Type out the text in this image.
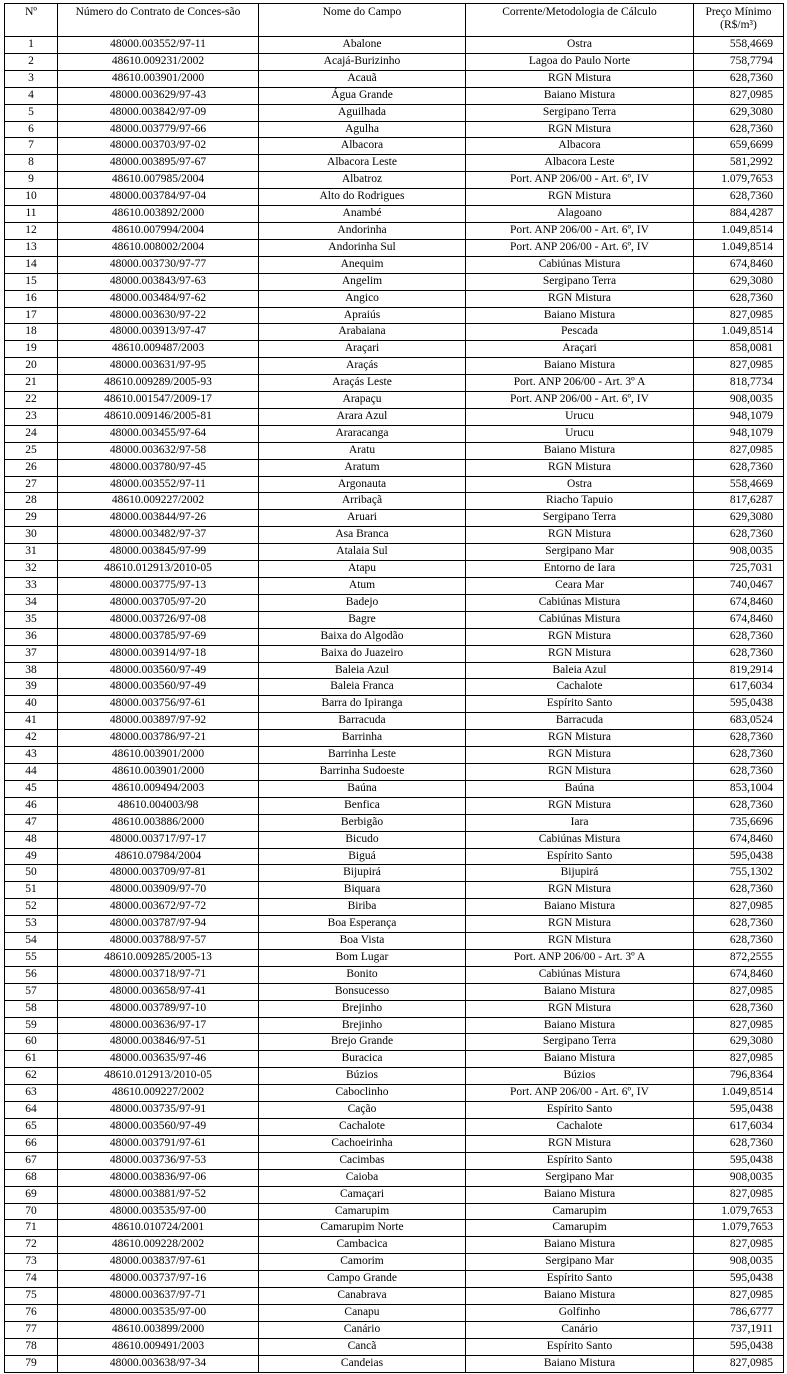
Nº	Número do Contrato de Conces-são	Nome do Campo	Corrente/Metodologia de Cálculo	Preço Mínimo (R$/m³)
1	48000.003552/97-11	Abalone	Ostra	558,4669
2	48610.009231/2002	Acajá-Burizinho	Lagoa do Paulo Norte	758,7794
3	48610.003901/2000	Acauã	RGN Mistura	628,7360
4	48000.003629/97-43	Água Grande	Baiano Mistura	827,0985
5	48000.003842/97-09	Aguilhada	Sergipano Terra	629,3080
6	48000.003779/97-66	Agulha	RGN Mistura	628,7360
7	48000.003703/97-02	Albacora	Albacora	659,6699
8	48000.003895/97-67	Albacora Leste	Albacora Leste	581,2992
9	48610.007985/2004	Albatroz	Port. ANP 206/00 - Art. 6º, IV	1.079,7653
10	48000.003784/97-04	Alto do Rodrigues	RGN Mistura	628,7360
11	48610.003892/2000	Anambé	Alagoano	884,4287
12	48610.007994/2004	Andorinha	Port. ANP 206/00 - Art. 6º, IV	1.049,8514
13	48610.008002/2004	Andorinha Sul	Port. ANP 206/00 - Art. 6º, IV	1.049,8514
14	48000.003730/97-77	Anequim	Cabiúnas Mistura	674,8460
15	48000.003843/97-63	Angelim	Sergipano Terra	629,3080
16	48000.003484/97-62	Angico	RGN Mistura	628,7360
17	48000.003630/97-22	Apraiús	Baiano Mistura	827,0985
18	48000.003913/97-47	Arabaiana	Pescada	1.049,8514
19	48610.009487/2003	Araçari	Araçari	858,0081
20	48000.003631/97-95	Araçás	Baiano Mistura	827,0985
21	48610.009289/2005-93	Araçás Leste	Port. ANP 206/00 - Art. 3º A	818,7734
22	48610.001547/2009-17	Arapaçu	Port. ANP 206/00 - Art. 6º, IV	908,0035
23	48610.009146/2005-81	Arara Azul	Urucu	948,1079
24	48000.003455/97-64	Araracanga	Urucu	948,1079
25	48000.003632/97-58	Aratu	Baiano Mistura	827,0985
26	48000.003780/97-45	Aratum	RGN Mistura	628,7360
27	48000.003552/97-11	Argonauta	Ostra	558,4669
28	48610.009227/2002	Arribaçã	Riacho Tapuio	817,6287
29	48000.003844/97-26	Aruari	Sergipano Terra	629,3080
30	48000.003482/97-37	Asa Branca	RGN Mistura	628,7360
31	48000.003845/97-99	Atalaia Sul	Sergipano Mar	908,0035
32	48610.012913/2010-05	Atapu	Entorno de Iara	725,7031
33	48000.003775/97-13	Atum	Ceara Mar	740,0467
34	48000.003705/97-20	Badejo	Cabiúnas Mistura	674,8460
35	48000.003726/97-08	Bagre	Cabiúnas Mistura	674,8460
36	48000.003785/97-69	Baixa do Algodão	RGN Mistura	628,7360
37	48000.003914/97-18	Baixa do Juazeiro	RGN Mistura	628,7360
38	48000.003560/97-49	Baleia Azul	Baleia Azul	819,2914
39	48000.003560/97-49	Baleia Franca	Cachalote	617,6034
40	48000.003756/97-61	Barra do Ipiranga	Espírito Santo	595,0438
41	48000.003897/97-92	Barracuda	Barracuda	683,0524
42	48000.003786/97-21	Barrinha	RGN Mistura	628,7360
43	48610.003901/2000	Barrinha Leste	RGN Mistura	628,7360
44	48610.003901/2000	Barrinha Sudoeste	RGN Mistura	628,7360
45	48610.009494/2003	Baúna	Baúna	853,1004
46	48610.004003/98	Benfica	RGN Mistura	628,7360
47	48610.003886/2000	Berbigão	Iara	735,6696
48	48000.003717/97-17	Bicudo	Cabiúnas Mistura	674,8460
49	48610.07984/2004	Biguá	Espírito Santo	595,0438
50	48000.003709/97-81	Bijupirá	Bijupirá	755,1302
51	48000.003909/97-70	Biquara	RGN Mistura	628,7360
52	48000.003672/97-72	Biriba	Baiano Mistura	827,0985
53	48000.003787/97-94	Boa Esperança	RGN Mistura	628,7360
54	48000.003788/97-57	Boa Vista	RGN Mistura	628,7360
55	48610.009285/2005-13	Bom Lugar	Port. ANP 206/00 - Art. 3º A	872,2555
56	48000.003718/97-71	Bonito	Cabiúnas Mistura	674,8460
57	48000.003658/97-41	Bonsucesso	Baiano Mistura	827,0985
58	48000.003789/97-10	Brejinho	RGN Mistura	628,7360
59	48000.003636/97-17	Brejinho	Baiano Mistura	827,0985
60	48000.003846/97-51	Brejo Grande	Sergipano Terra	629,3080
61	48000.003635/97-46	Buracica	Baiano Mistura	827,0985
62	48610.012913/2010-05	Búzios	Búzios	796,8364
63	48610.009227/2002	Caboclinho	Port. ANP 206/00 - Art. 6º, IV	1.049,8514
64	48000.003735/97-91	Cação	Espírito Santo	595,0438
65	48000.003560/97-49	Cachalote	Cachalote	617,6034
66	48000.003791/97-61	Cachoeirinha	RGN Mistura	628,7360
67	48000.003736/97-53	Cacimbas	Espírito Santo	595,0438
68	48000.003836/97-06	Caioba	Sergipano Mar	908,0035
69	48000.003881/97-52	Camaçari	Baiano Mistura	827,0985
70	48000.003535/97-00	Camarupim	Camarupim	1.079,7653
71	48610.010724/2001	Camarupim Norte	Camarupim	1.079,7653
72	48610.009228/2002	Cambacica	Baiano Mistura	827,0985
73	48000.003837/97-61	Camorim	Sergipano Mar	908,0035
74	48000.003737/97-16	Campo Grande	Espírito Santo	595,0438
75	48000.003637/97-71	Canabrava	Baiano Mistura	827,0985
76	48000.003535/97-00	Canapu	Golfinho	786,6777
77	48610.003899/2000	Canário	Canário	737,1911
78	48610.009491/2003	Cancã	Espírito Santo	595,0438
79	48000.003638/97-34	Candeias	Baiano Mistura	827,0985
